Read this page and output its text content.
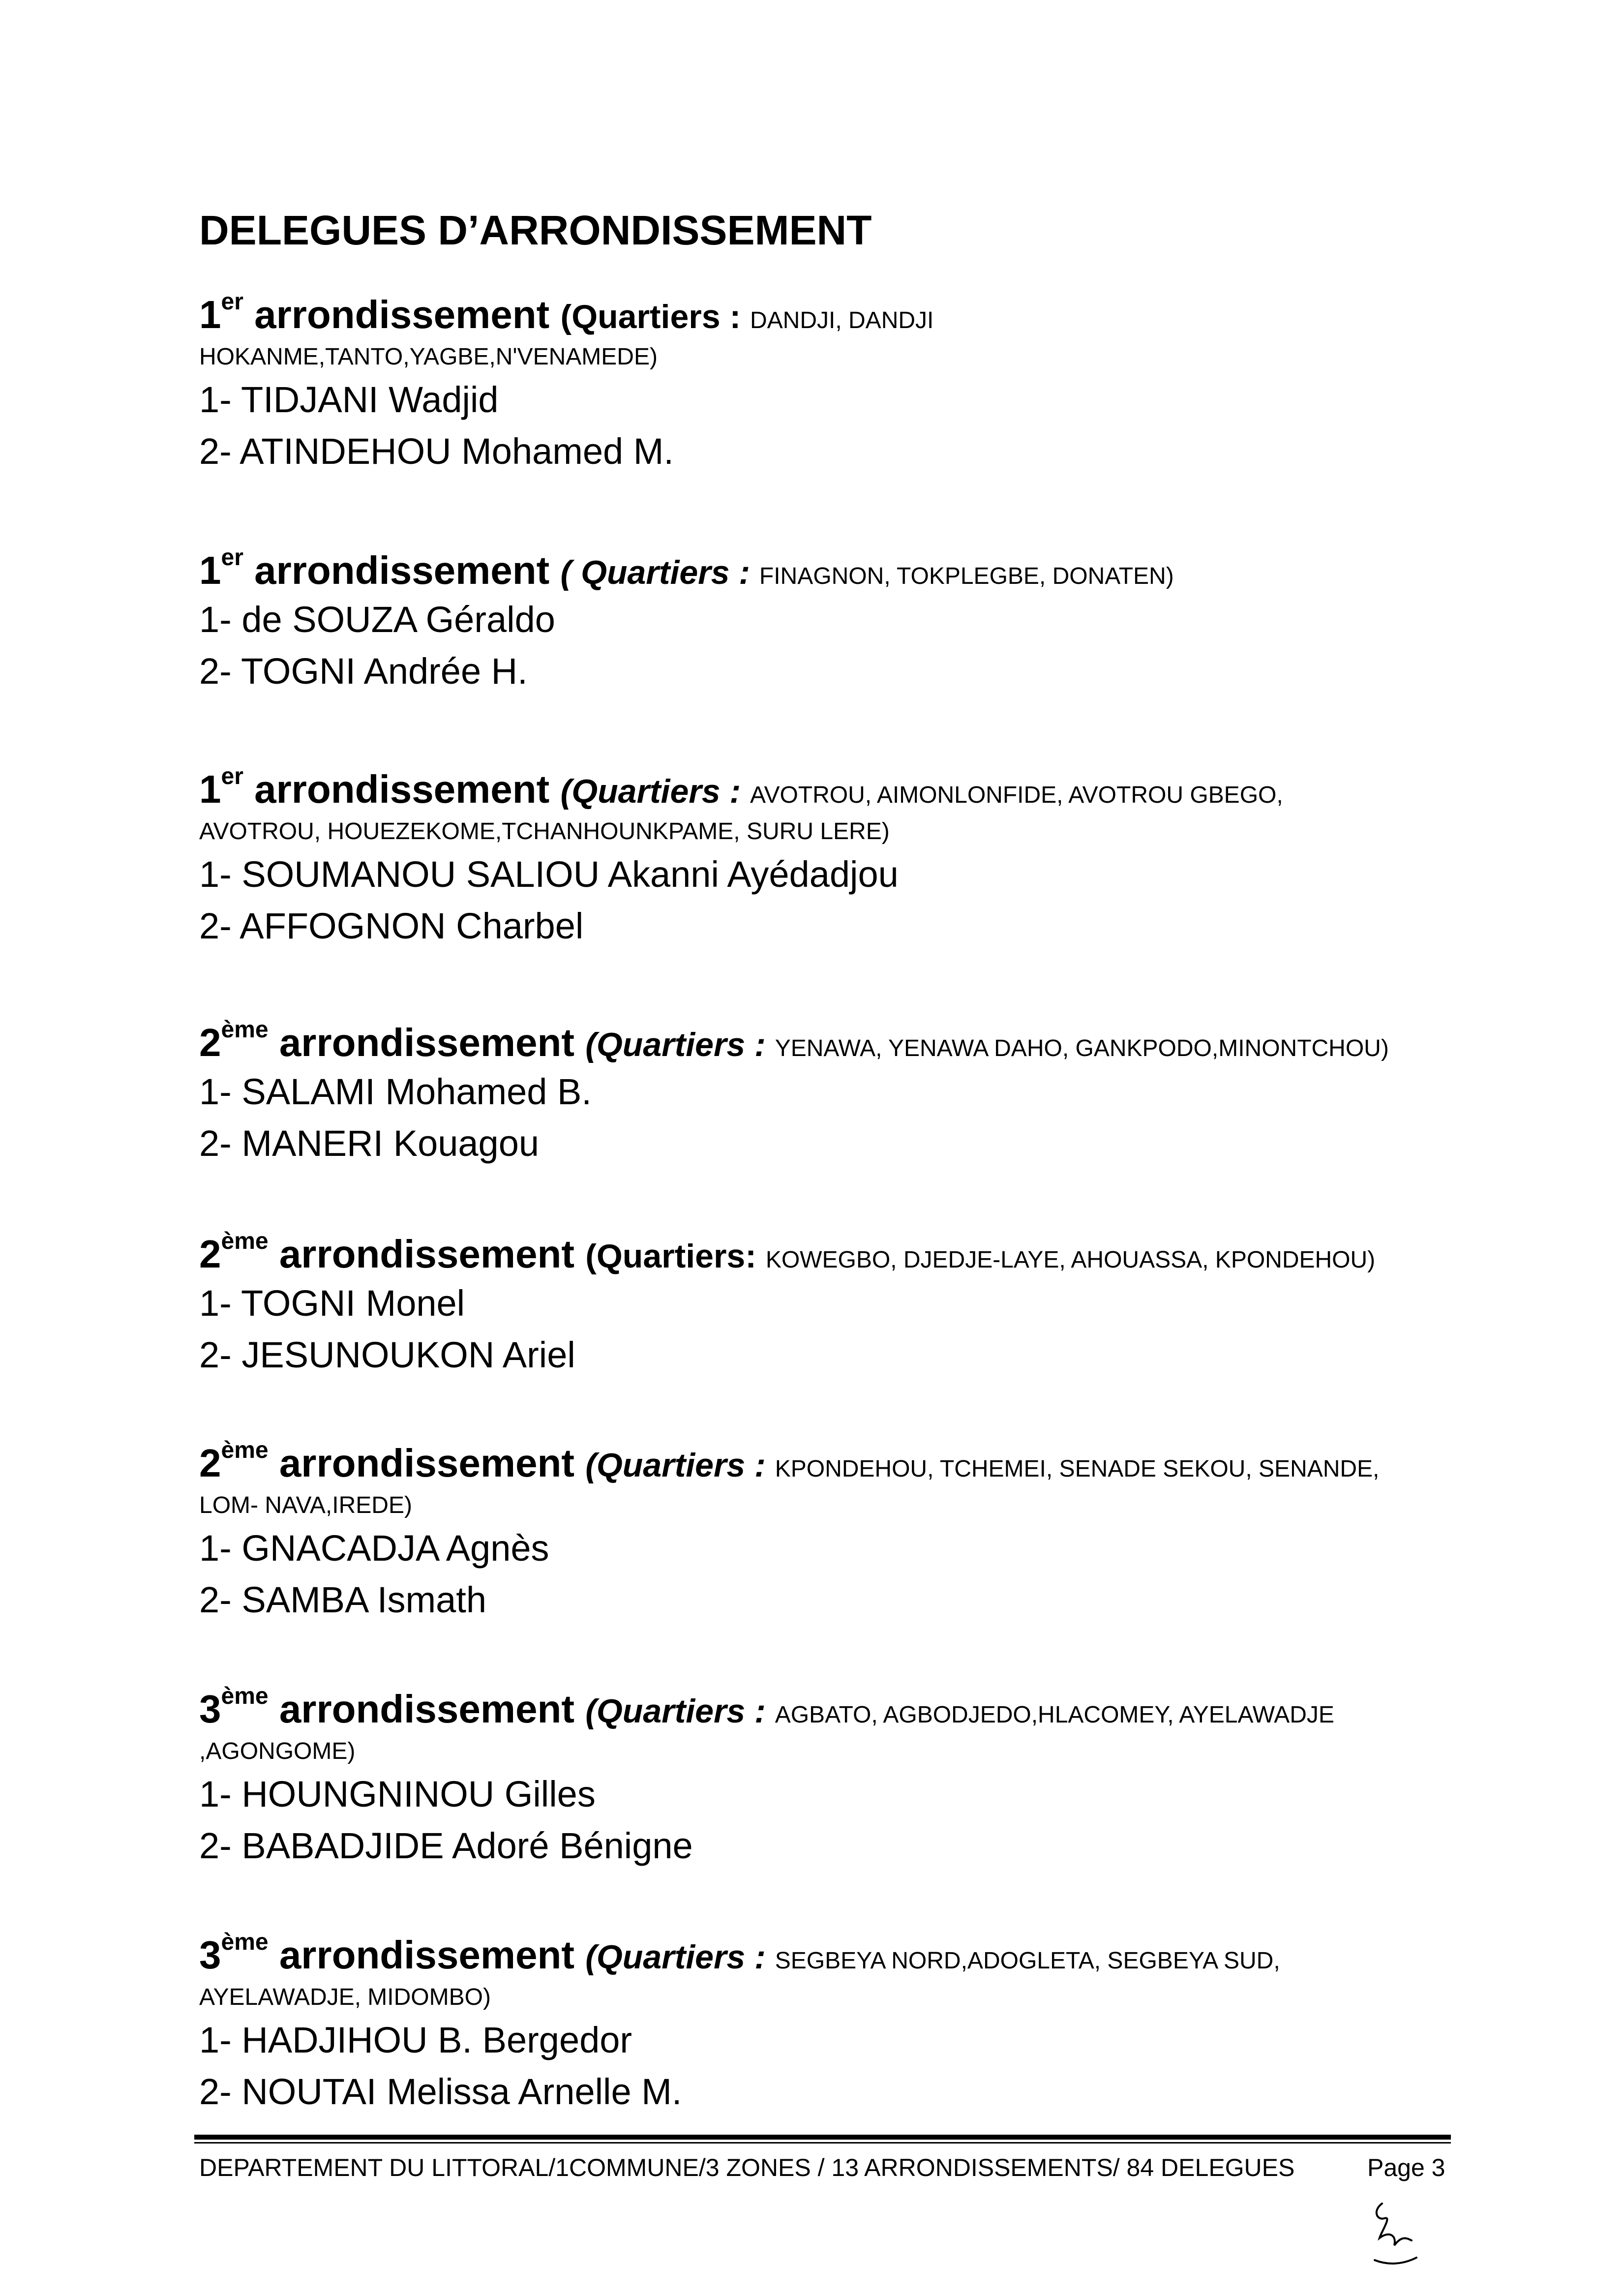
DELEGUES D’ARRONDISSEMENT
1er arrondissement (Quartiers : DANDJI, DANDJI
HOKANME,TANTO,YAGBE,N'VENAMEDE)
1- TIDJANI Wadjid
2- ATINDEHOU Mohamed M.
1er arrondissement ( Quartiers : FINAGNON, TOKPLEGBE, DONATEN)
1- de SOUZA Géraldo
2- TOGNI Andrée H.
1er arrondissement (Quartiers : AVOTROU, AIMONLONFIDE, AVOTROU GBEGO,
AVOTROU, HOUEZEKOME,TCHANHOUNKPAME, SURU LERE)
1- SOUMANOU SALIOU Akanni Ayédadjou
2- AFFOGNON Charbel
2ème arrondissement (Quartiers : YENAWA, YENAWA DAHO, GANKPODO,MINONTCHOU)
1- SALAMI Mohamed B.
2- MANERI Kouagou
2ème arrondissement (Quartiers: KOWEGBO, DJEDJE-LAYE, AHOUASSA, KPONDEHOU)
1- TOGNI Monel
2- JESUNOUKON Ariel
2ème arrondissement (Quartiers : KPONDEHOU, TCHEMEI, SENADE SEKOU, SENANDE,
LOM- NAVA,IREDE)
1- GNACADJA Agnès
2- SAMBA Ismath
3ème arrondissement (Quartiers : AGBATO, AGBODJEDO,HLACOMEY, AYELAWADJE
,AGONGOME)
1- HOUNGNINOU Gilles
2- BABADJIDE Adoré Bénigne
3ème arrondissement (Quartiers : SEGBEYA NORD,ADOGLETA, SEGBEYA SUD,
AYELAWADJE, MIDOMBO)
1- HADJIHOU B. Bergedor
2- NOUTAI Melissa Arnelle M.
DEPARTEMENT DU LITTORAL/1COMMUNE/3 ZONES / 13 ARRONDISSEMENTS/ 84 DELEGUES	Page 3
